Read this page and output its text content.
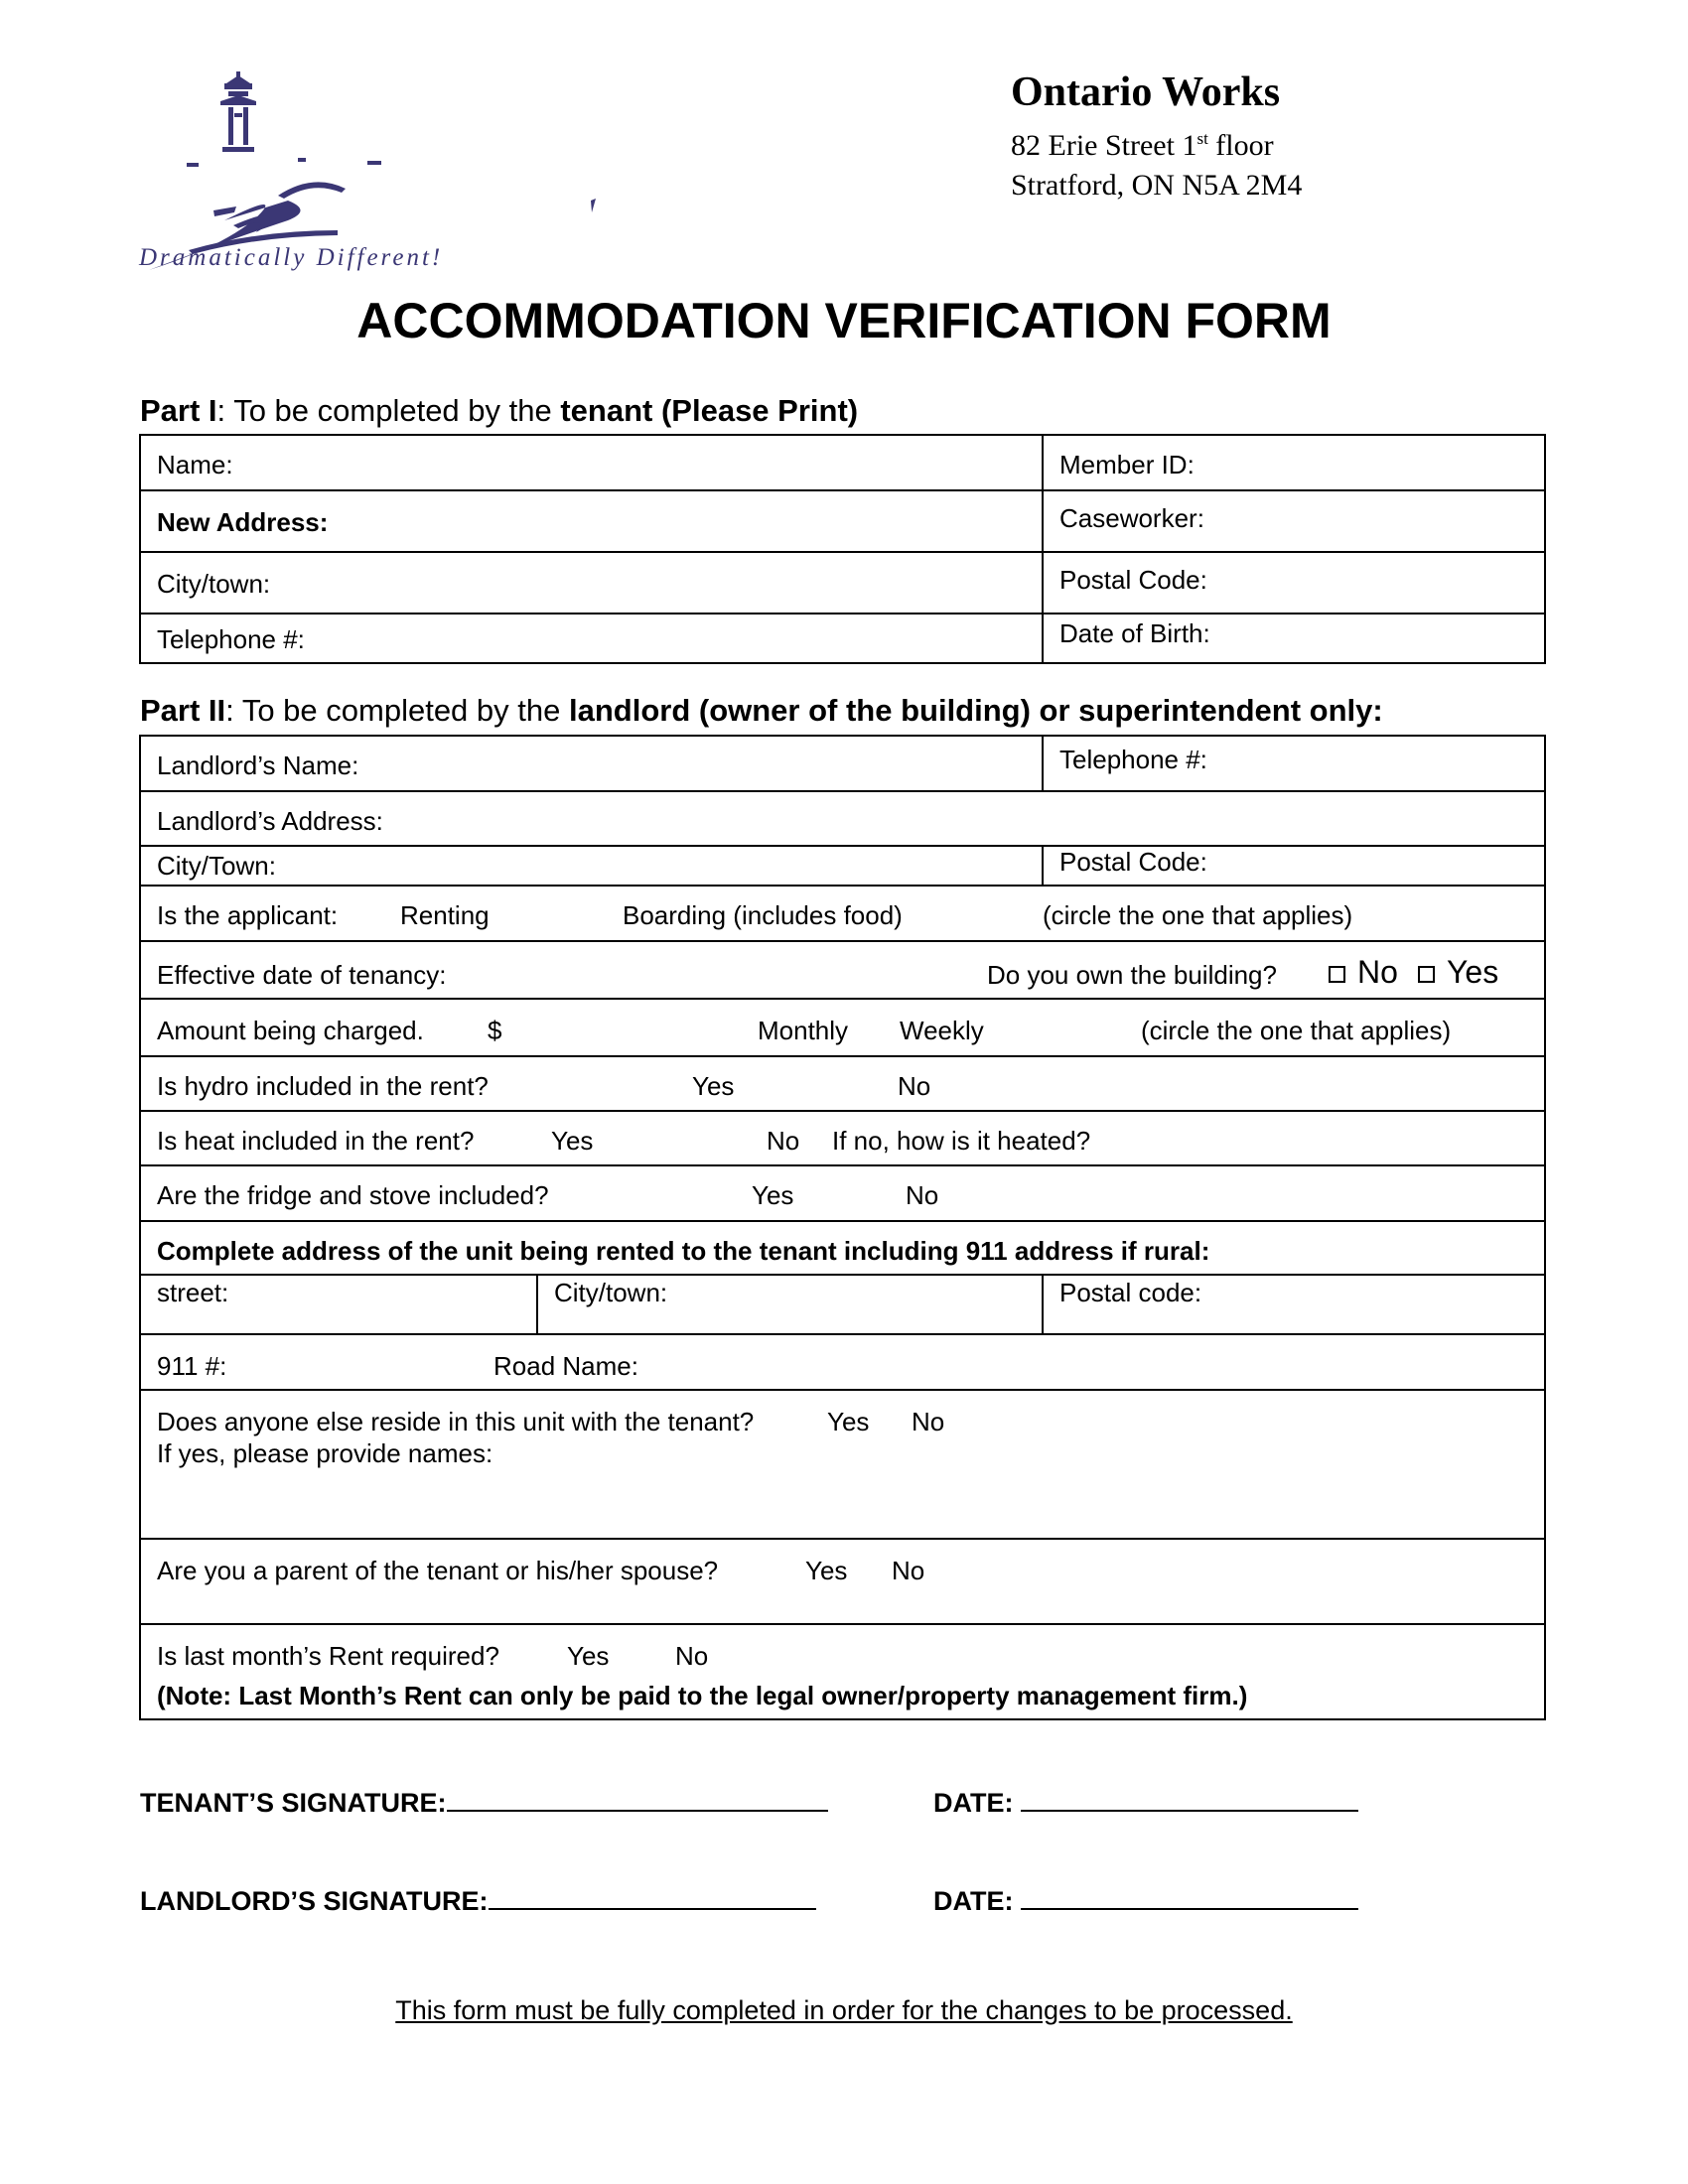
Dramatically Different!
Ontario Works
82 Erie Street 1st floor
Stratford, ON N5A 2M4
ACCOMMODATION VERIFICATION FORM
Part I: To be completed by the tenant (Please Print)
Name:	Member ID:
New Address:	Caseworker:
City/town:	Postal Code:
Telephone #:	Date of Birth:
Part II: To be completed by the landlord (owner of the building) or superintendent only:
Landlord’s Name:	Telephone #:
Landlord’s Address:
City/Town:	Postal Code:
Is the applicant: Renting	Boarding (includes food)	(circle the one that applies)
Effective date of tenancy:	Do you own the building?	No	Yes
Amount being charged. $	Monthly Weekly	(circle the one that applies)
Is hydro included in the rent?	Yes	No
Is heat included in the rent?	Yes	No If no, how is it heated?
Are the fridge and stove included?	Yes	No
Complete address of the unit being rented to the tenant including 911 address if rural:
street:	City/town:	Postal code:
911 #:	Road Name:
Does anyone else reside in this unit with the tenant?	Yes No
If yes, please provide names:
Are you a parent of the tenant or his/her spouse?	Yes No
Is last month’s Rent required?	Yes	No
(Note: Last Month’s Rent can only be paid to the legal owner/property management firm.)
TENANT’S SIGNATURE:	DATE:
LANDLORD’S SIGNATURE:	DATE:
This form must be fully completed in order for the changes to be processed.
